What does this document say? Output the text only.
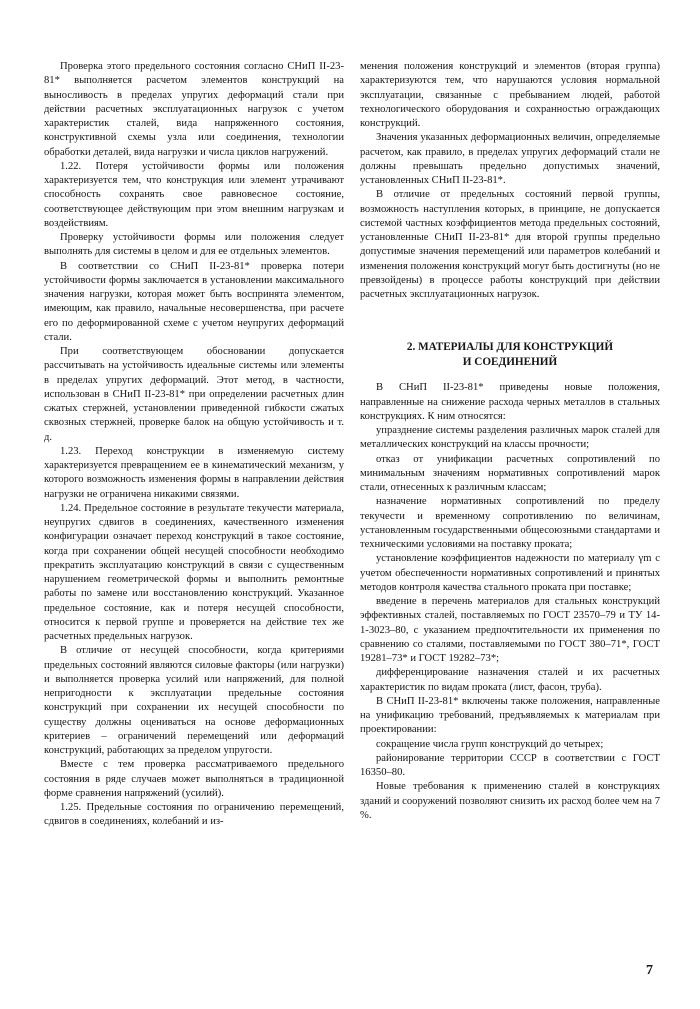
Проверка этого предельного состояния согласно СНиП II-23-81* выполняется расчетом элементов конструкций на выносливость в пределах упругих деформаций стали при действии расчетных эксплуатационных нагрузок с учетом характеристик сталей, вида напряженного состояния, конструктивной схемы узла или соединения, технологии обработки деталей, вида нагрузки и числа циклов нагружений.

1.22. Потеря устойчивости формы или положения характеризуется тем, что конструкция или элемент утрачивают способность сохранять свое равновесное состояние, соответствующее действующим при этом внешним нагрузкам и воздействиям.

Проверку устойчивости формы или положения следует выполнять для системы в целом и для ее отдельных элементов.

В соответствии со СНиП II-23-81* проверка потери устойчивости формы заключается в установлении максимального значения нагрузки, которая может быть воспринята элементом, имеющим, как правило, начальные несовершенства, при расчете его по деформированной схеме с учетом неупругих деформаций стали.

При соответствующем обосновании допускается рассчитывать на устойчивость идеальные системы или элементы в пределах упругих деформаций. Этот метод, в частности, использован в СНиП II-23-81* при определении расчетных длин сжатых стержней, установлении приведенной гибкости сжатых сквозных стержней, проверке балок на общую устойчивость и т. д.

1.23. Переход конструкции в изменяемую систему характеризуется превращением ее в кинематический механизм, у которого возможность изменения формы в направлении действия нагрузки не ограничена никакими связями.

1.24. Предельное состояние в результате текучести материала, неупругих сдвигов в соединениях, качественного изменения конфигурации означает переход конструкций в такое состояние, когда при сохранении общей несущей способности необходимо прекратить эксплуатацию конструкций в связи с существенным нарушением геометрической формы и выполнить ремонтные работы по замене или восстановлению конструкций. Указанное предельное состояние, как и потеря несущей способности, относится к первой группе и проверяется на действие тех же расчетных предельных нагрузок.

В отличие от несущей способности, когда критериями предельных состояний являются силовые факторы (или нагрузки) и выполняется проверка усилий или напряжений, для полной непригодности к эксплуатации предельные состояния конструкций при сохранении их несущей способности по существу должны оцениваться на основе деформационных критериев – ограничений перемещений или деформаций конструкций, работающих за пределом упругости.

Вместе с тем проверка рассматриваемого предельного состояния в ряде случаев может выполняться в традиционной форме сравнения напряжений (усилий).

1.25. Предельные состояния по ограничению перемещений, сдвигов в соединениях, колебаний и из-

менения положения конструкций и элементов (вторая группа) характеризуются тем, что нарушаются условия нормальной эксплуатации, связанные с пребыванием людей, работой технологического оборудования и сохранностью ограждающих конструкций.

Значения указанных деформационных величин, определяемые расчетом, как правило, в пределах упругих деформаций стали не должны превышать предельно допустимых значений, установленных СНиП II-23-81*.

В отличие от предельных состояний первой группы, возможность наступления которых, в принципе, не допускается системой частных коэффициентов метода предельных состояний, установленные СНиП II-23-81* для второй группы предельно допустимые значения перемещений или параметров колебаний и изменения положения конструкций могут быть достигнуты (но не превзойдены) в процессе работы конструкций при действии расчетных эксплуатационных нагрузок.

2. МАТЕРИАЛЫ ДЛЯ КОНСТРУКЦИЙ
И СОЕДИНЕНИЙ

В СНиП II-23-81* приведены новые положения, направленные на снижение расхода черных металлов в стальных конструкциях. К ним относятся:

упразднение системы разделения различных марок сталей для металлических конструкций на классы прочности;

отказ от унификации расчетных сопротивлений по минимальным значениям нормативных сопротивлений марок стали, отнесенных к различным классам;

назначение нормативных сопротивлений по пределу текучести и временному сопротивлению по величинам, установленным государственными общесоюзными стандартами и техническими условиями на поставку проката;

установление коэффициентов надежности по материалу γm с учетом обеспеченности нормативных сопротивлений и принятых методов контроля качества стального проката при поставке;

введение в перечень материалов для стальных конструкций эффективных сталей, поставляемых по ГОСТ 23570–79 и ТУ 14-1-3023–80, с указанием предпочтительности их применения по сравнению со сталями, поставляемыми по ГОСТ 380–71*, ГОСТ 19281–73* и ГОСТ 19282–73*;

дифференцирование назначения сталей и их расчетных характеристик по видам проката (лист, фасон, труба).

В СНиП II-23-81* включены также положения, направленные на унификацию требований, предъявляемых к материалам при проектировании:

сокращение числа групп конструкций до четырех;

районирование территории СССР в соответствии с ГОСТ 16350–80.

Новые требования к применению сталей в конструкциях зданий и сооружений позволяют снизить их расход более чем на 7 %.

7
